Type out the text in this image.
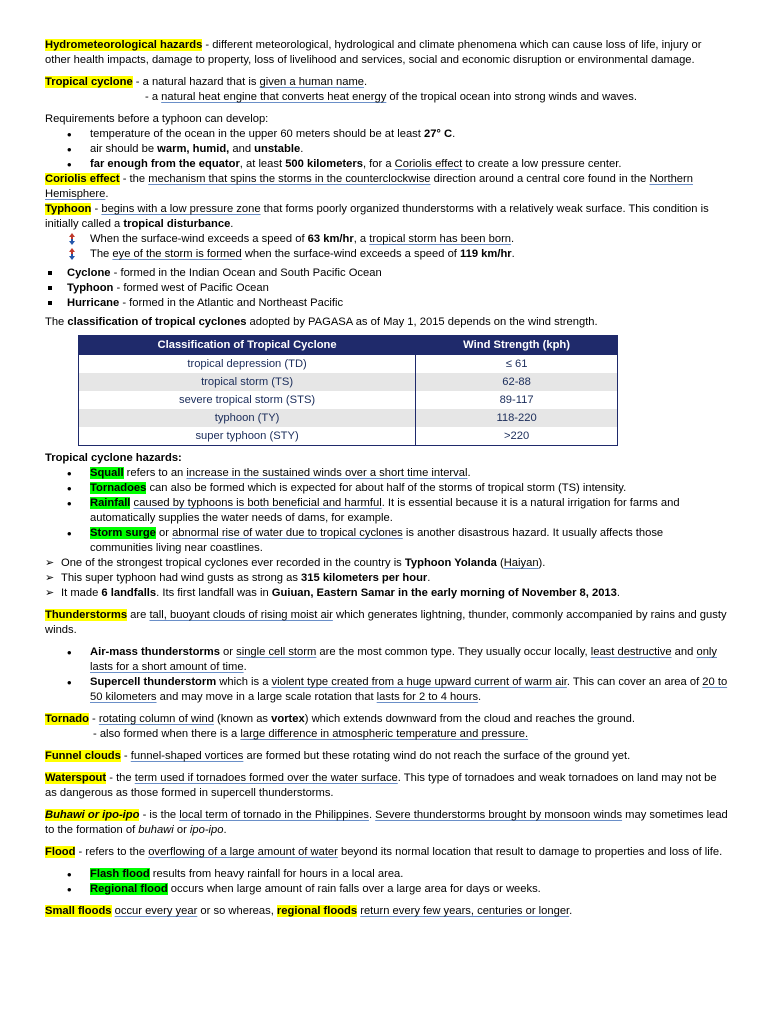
Hydrometeorological hazards - different meteorological, hydrological and climate phenomena which can cause loss of life, injury or other health impacts, damage to property, loss of livelihood and services, social and economic disruption or environmental damage.

Tropical cyclone - a natural hazard that is given a human name.

- a natural heat engine that converts heat energy of the tropical ocean into strong winds and waves.

Requirements before a typhoon can develop:

• temperature of the ocean in the upper 60 meters should be at least 27° C.
• air should be warm, humid, and unstable.
• far enough from the equator, at least 500 kilometers, for a Coriolis effect to create a low pressure center.

Coriolis effect - the mechanism that spins the storms in the counterclockwise direction around a central core found in the Northern Hemisphere.

Typhoon - begins with a low pressure zone that forms poorly organized thunderstorms with a relatively weak surface. This condition is initially called a tropical disturbance.

When the surface-wind exceeds a speed of 63 km/hr, a tropical storm has been born.
The eye of the storm is formed when the surface-wind exceeds a speed of 119 km/hr.
Cyclone - formed in the Indian Ocean and South Pacific Ocean
Typhoon - formed west of Pacific Ocean
Hurricane - formed in the Atlantic and Northeast Pacific

The classification of tropical cyclones adopted by PAGASA as of May 1, 2015 depends on the wind strength.

Classification of Tropical Cyclone	Wind Strength (kph)
tropical depression (TD)	≤ 61
tropical storm (TS)	62-88
severe tropical storm (STS)	89-117
typhoon (TY)	118-220
super typhoon (STY)	>220

Tropical cyclone hazards:

• Squall refers to an increase in the sustained winds over a short time interval.
• Tornadoes can also be formed which is expected for about half of the storms of tropical storm (TS) intensity.
• Rainfall caused by typhoons is both beneficial and harmful. It is essential because it is a natural irrigation for farms and automatically supplies the water needs of dams, for example.
• Storm surge or abnormal rise of water due to tropical cyclones is another disastrous hazard. It usually affects those communities living near coastlines.
➢ One of the strongest tropical cyclones ever recorded in the country is Typhoon Yolanda (Haiyan).
➢ This super typhoon had wind gusts as strong as 315 kilometers per hour.
➢ It made 6 landfalls. Its first landfall was in Guiuan, Eastern Samar in the early morning of November 8, 2013.

Thunderstorms are tall, buoyant clouds of rising moist air which generates lightning, thunder, commonly accompanied by rains and gusty winds.

• Air-mass thunderstorms or single cell storm are the most common type. They usually occur locally, least destructive and only lasts for a short amount of time.
• Supercell thunderstorm which is a violent type created from a huge upward current of warm air. This can cover an area of 20 to 50 kilometers and may move in a large scale rotation that lasts for 2 to 4 hours.

Tornado - rotating column of wind (known as vortex) which extends downward from the cloud and reaches the ground.

- also formed when there is a large difference in atmospheric temperature and pressure.

Funnel clouds - funnel-shaped vortices are formed but these rotating wind do not reach the surface of the ground yet.

Waterspout - the term used if tornadoes formed over the water surface. This type of tornadoes and weak tornadoes on land may not be as dangerous as those formed in supercell thunderstorms.

Buhawi or ipo-ipo - is the local term of tornado in the Philippines. Severe thunderstorms brought by monsoon winds may sometimes lead to the formation of buhawi or ipo-ipo.

Flood - refers to the overflowing of a large amount of water beyond its normal location that result to damage to properties and loss of life.

• Flash flood results from heavy rainfall for hours in a local area.
• Regional flood occurs when large amount of rain falls over a large area for days or weeks.

Small floods occur every year or so whereas, regional floods return every few years, centuries or longer.
